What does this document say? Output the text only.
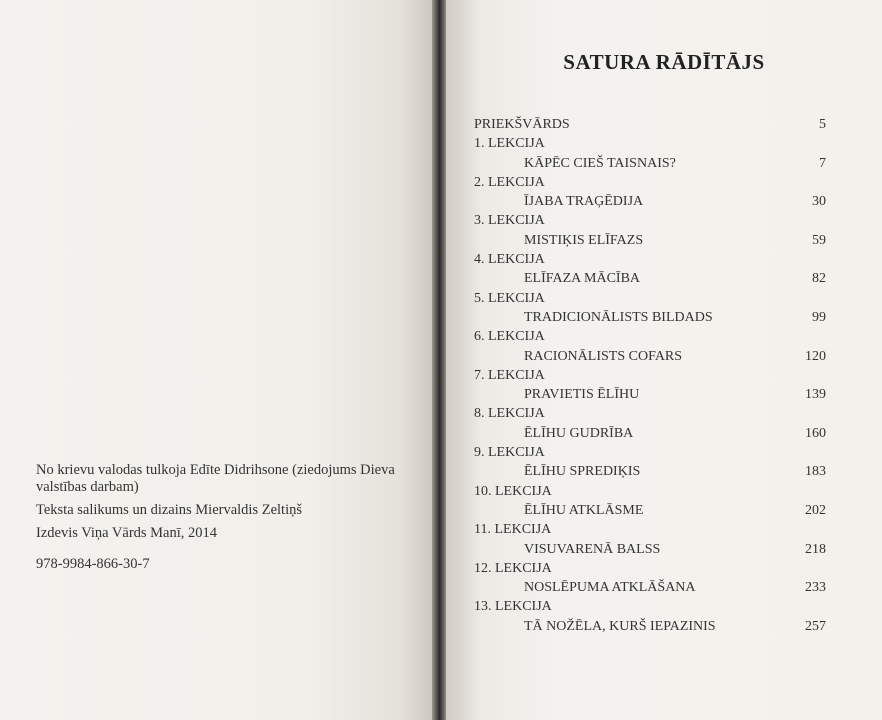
No krievu valodas tulkoja Edīte Didrihsone (ziedojums Dieva valstības darbam)

Teksta salikums un dizains Miervaldis Zeltiņš

Izdevis Viņa Vārds Manī, 2014

978-9984-866-30-7

SATURA RĀDĪTĀJS
PRIEKŠVĀRDS	5
1. LEKCIJA
KĀPĒC CIEŠ TAISNAIS?	7
2. LEKCIJA
ĪJABA TRAĢĒDIJA	30
3. LEKCIJA
MISTIĶIS ELĪFAZS	59
4. LEKCIJA
ELĪFAZA MĀCĪBA	82
5. LEKCIJA
TRADICIONĀLISTS BILDADS	99
6. LEKCIJA
RACIONĀLISTS COFARS	120
7. LEKCIJA
PRAVIETIS ĒLĪHU	139
8. LEKCIJA
ĒLĪHU GUDRĪBA	160
9. LEKCIJA
ĒLĪHU SPREDIĶIS	183
10. LEKCIJA
ĒLĪHU ATKLĀSME	202
11. LEKCIJA
VISUVARENĀ BALSS	218
12. LEKCIJA
NOSLĒPUMA ATKLĀŠANA	233
13. LEKCIJA
TĀ NOŽĒLA, KURŠ IEPAZINIS	257
